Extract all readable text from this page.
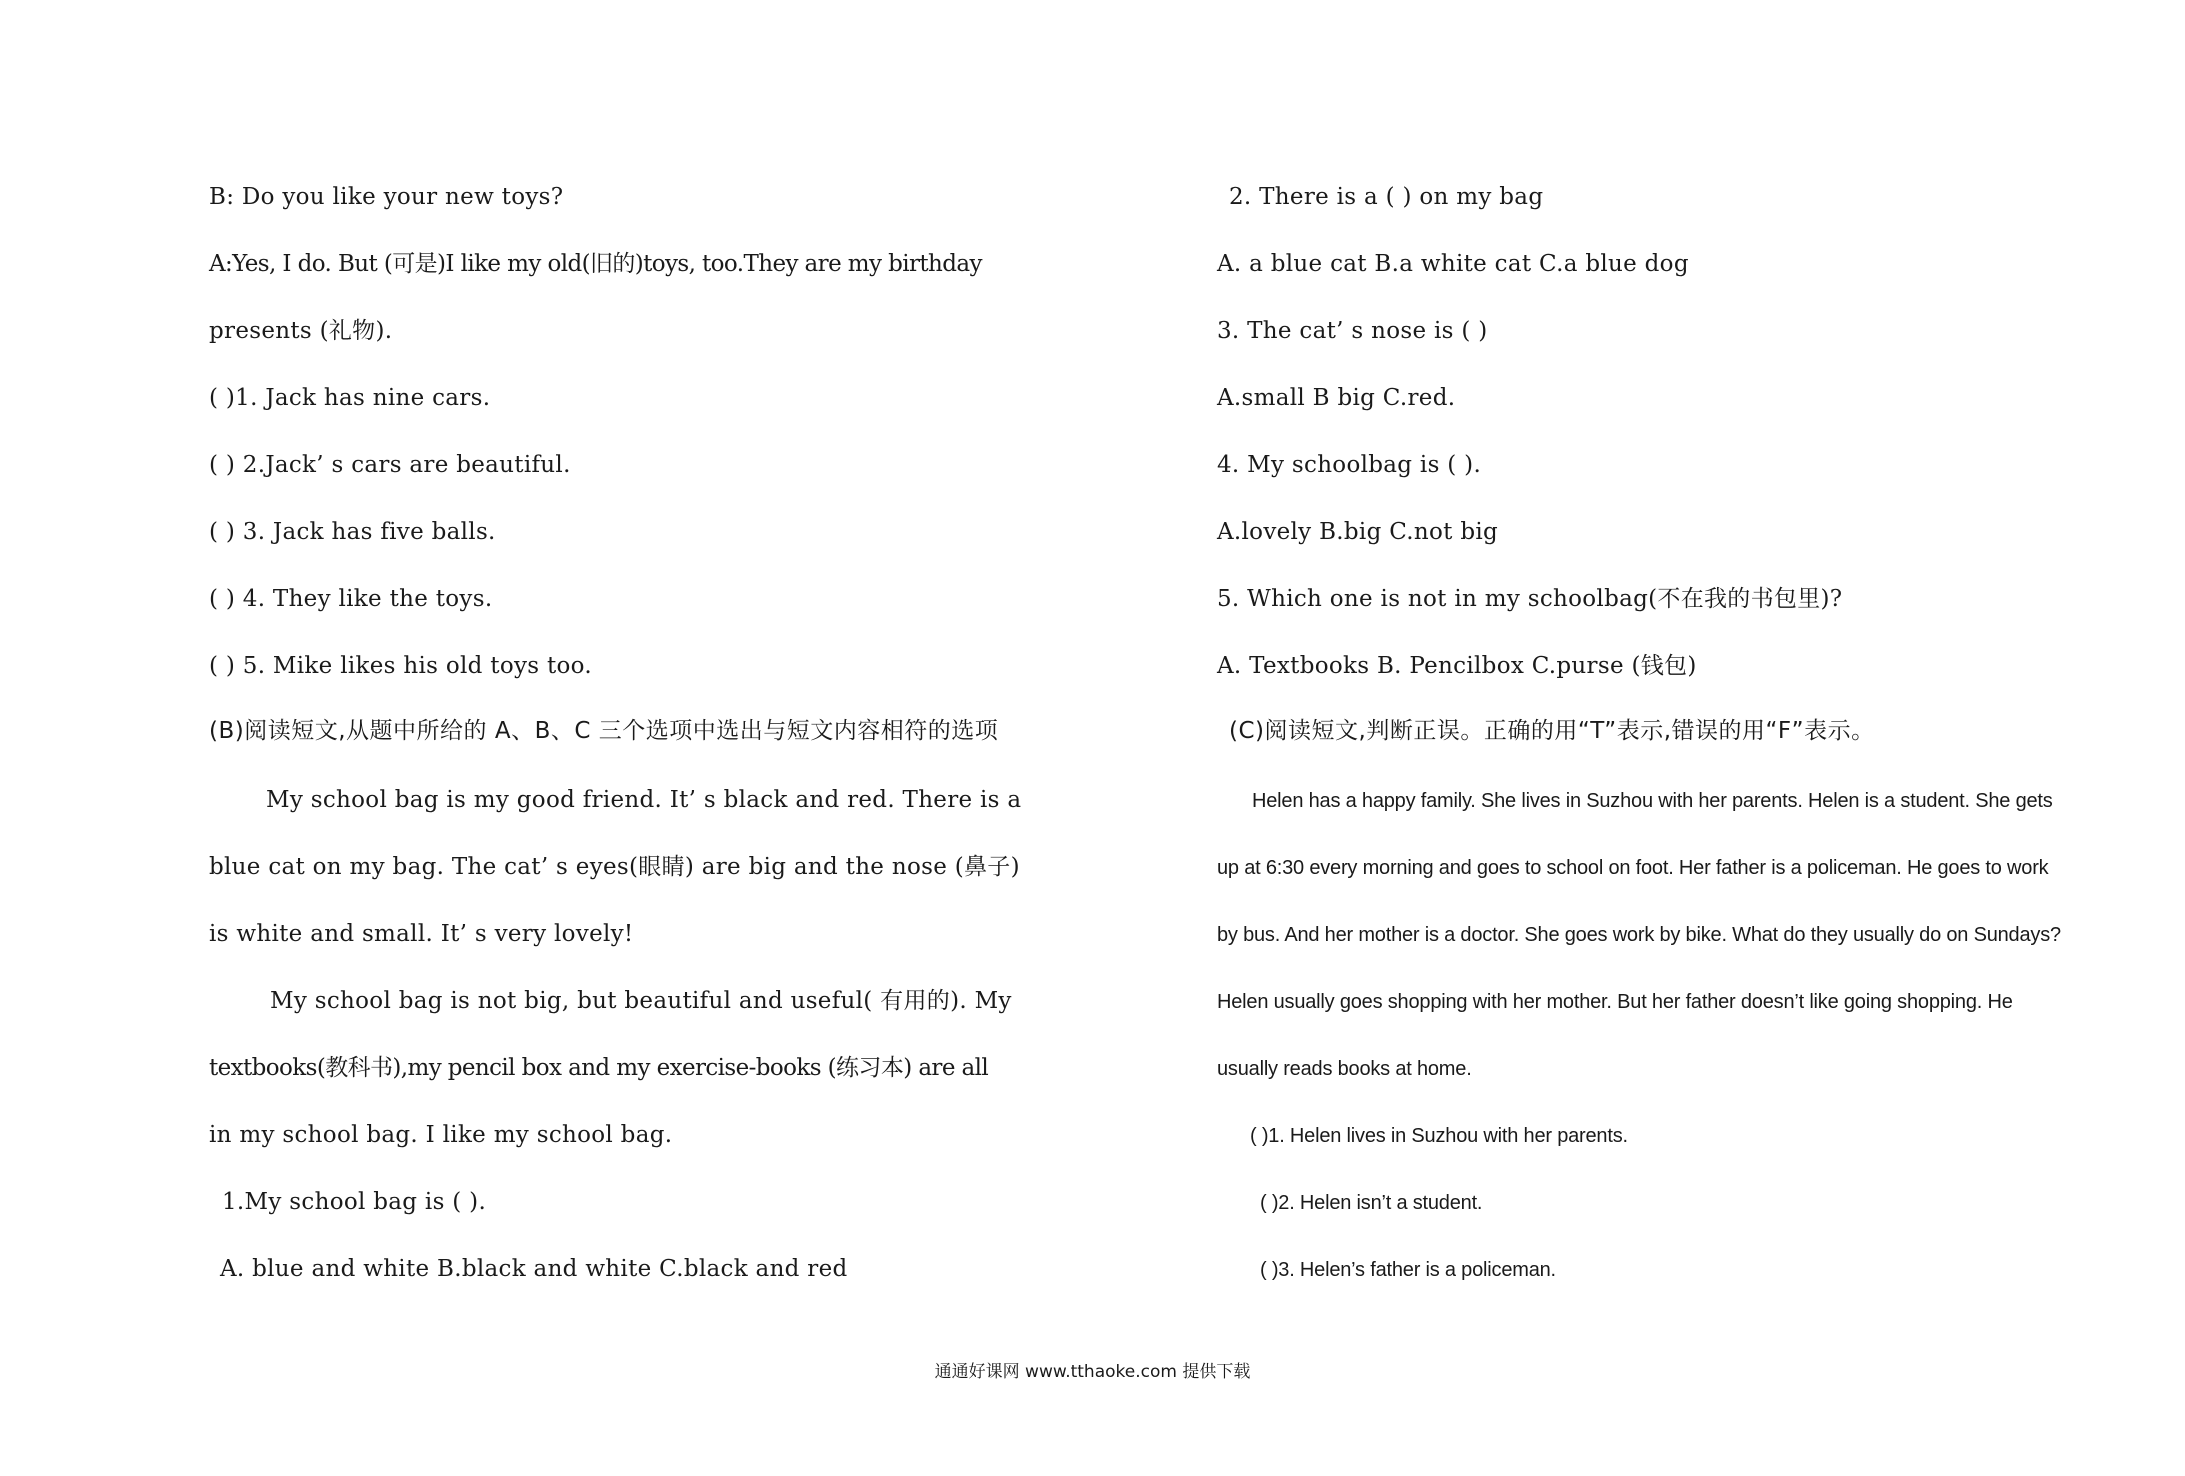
B: Do you like your new toys?
A:Yes, I do. But (可是)I like my old(旧的)toys, too.They are my birthday
presents (礼物).
( )1. Jack has nine cars.
( ) 2.Jack’ s cars are beautiful.
( ) 3. Jack has five balls.
( ) 4. They like the toys.
( ) 5. Mike likes his old toys too.
(B)阅读短文,从题中所给的 A、B、C 三个选项中选出与短文内容相符的选项
My school bag is my good friend. It’ s black and red. There is a
blue cat on my bag. The cat’ s eyes(眼睛) are big and the nose (鼻子)
is white and small. It’ s very lovely!
My school bag is not big, but beautiful and useful( 有用的). My
textbooks(教科书),my pencil box and my exercise-books (练习本) are all
in my school bag. I like my school bag.
1.My school bag is ( ).
A. blue and white B.black and white C.black and red
2. There is a ( ) on my bag
A. a blue cat B.a white cat C.a blue dog
3. The cat’ s nose is ( )
A.small B big C.red.
4. My schoolbag is ( ).
A.lovely B.big C.not big
5. Which one is not in my schoolbag(不在我的书包里)?
A. Textbooks B. Pencilbox C.purse (钱包)
(C)阅读短文,判断正误。正确的用“T”表示,错误的用“F”表示。
Helen has a happy family. She lives in Suzhou with her parents. Helen is a student. She gets
up at 6:30 every morning and goes to school on foot. Her father is a policeman. He goes to work
by bus. And her mother is a doctor. She goes work by bike. What do they usually do on Sundays?
Helen usually goes shopping with her mother. But her father doesn’t like going shopping. He
usually reads books at home.
( )1. Helen lives in Suzhou with her parents.
( )2. Helen isn’t a student.
( )3. Helen’s father is a policeman.
通通好课网 www.tthaoke.com 提供下载
